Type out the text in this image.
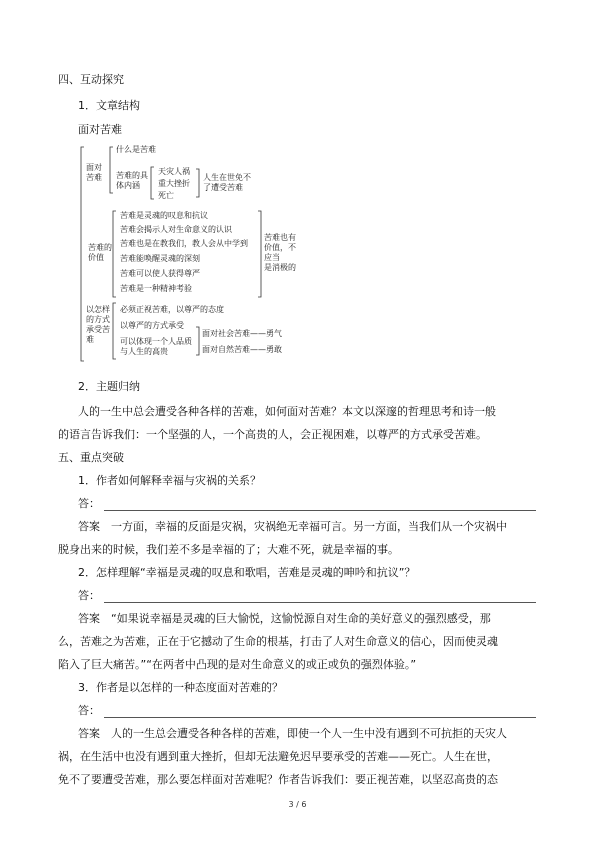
四、互动探究
1．文章结构
面对苦难
面对
苦难
什么是苦难
苦难的具
体内涵
天灾人祸
重大挫折
死亡
人生在世免不
了遭受苦难
苦难的
价值
苦难是灵魂的叹息和抗议
苦难会揭示人对生命意义的认识
苦难也是在教我们，教人会从中学到
苦难能唤醒灵魂的深刻
苦难可以使人获得尊严
苦难是一种精神考验
苦难也有
价值，不
应当
是消极的
以怎样
的方式
承受苦
难
必须正视苦难，以尊严的态度
以尊严的方式承受
可以体现一个人品质与人生的高贵
面对社会苦难——勇气
面对自然苦难——勇敢
2．主题归纳
人的一生中总会遭受各种各样的苦难，如何面对苦难？本文以深邃的哲理思考和诗一般
的语言告诉我们：一个坚强的人，一个高贵的人，会正视困难，以尊严的方式承受苦难。
五、重点突破
1．作者如何解释幸福与灾祸的关系？
答：
答案　一方面，幸福的反面是灾祸，灾祸绝无幸福可言。另一方面，当我们从一个灾祸中
脱身出来的时候，我们差不多是幸福的了；大难不死，就是幸福的事。
2．怎样理解“幸福是灵魂的叹息和歌唱，苦难是灵魂的呻吟和抗议”？
答：
答案　“如果说幸福是灵魂的巨大愉悦，这愉悦源自对生命的美好意义的强烈感受，那
么，苦难之为苦难，正在于它撼动了生命的根基，打击了人对生命意义的信心，因而使灵魂
陷入了巨大痛苦。”“在两者中凸现的是对生命意义的或正或负的强烈体验。”
3．作者是以怎样的一种态度面对苦难的？
答：
答案　人的一生总会遭受各种各样的苦难，即使一个人一生中没有遇到不可抗拒的天灾人
祸，在生活中也没有遇到重大挫折，但却无法避免迟早要承受的苦难——死亡。人生在世，
免不了要遭受苦难，那么要怎样面对苦难呢？作者告诉我们：要正视苦难，以坚忍高贵的态
3 / 6
